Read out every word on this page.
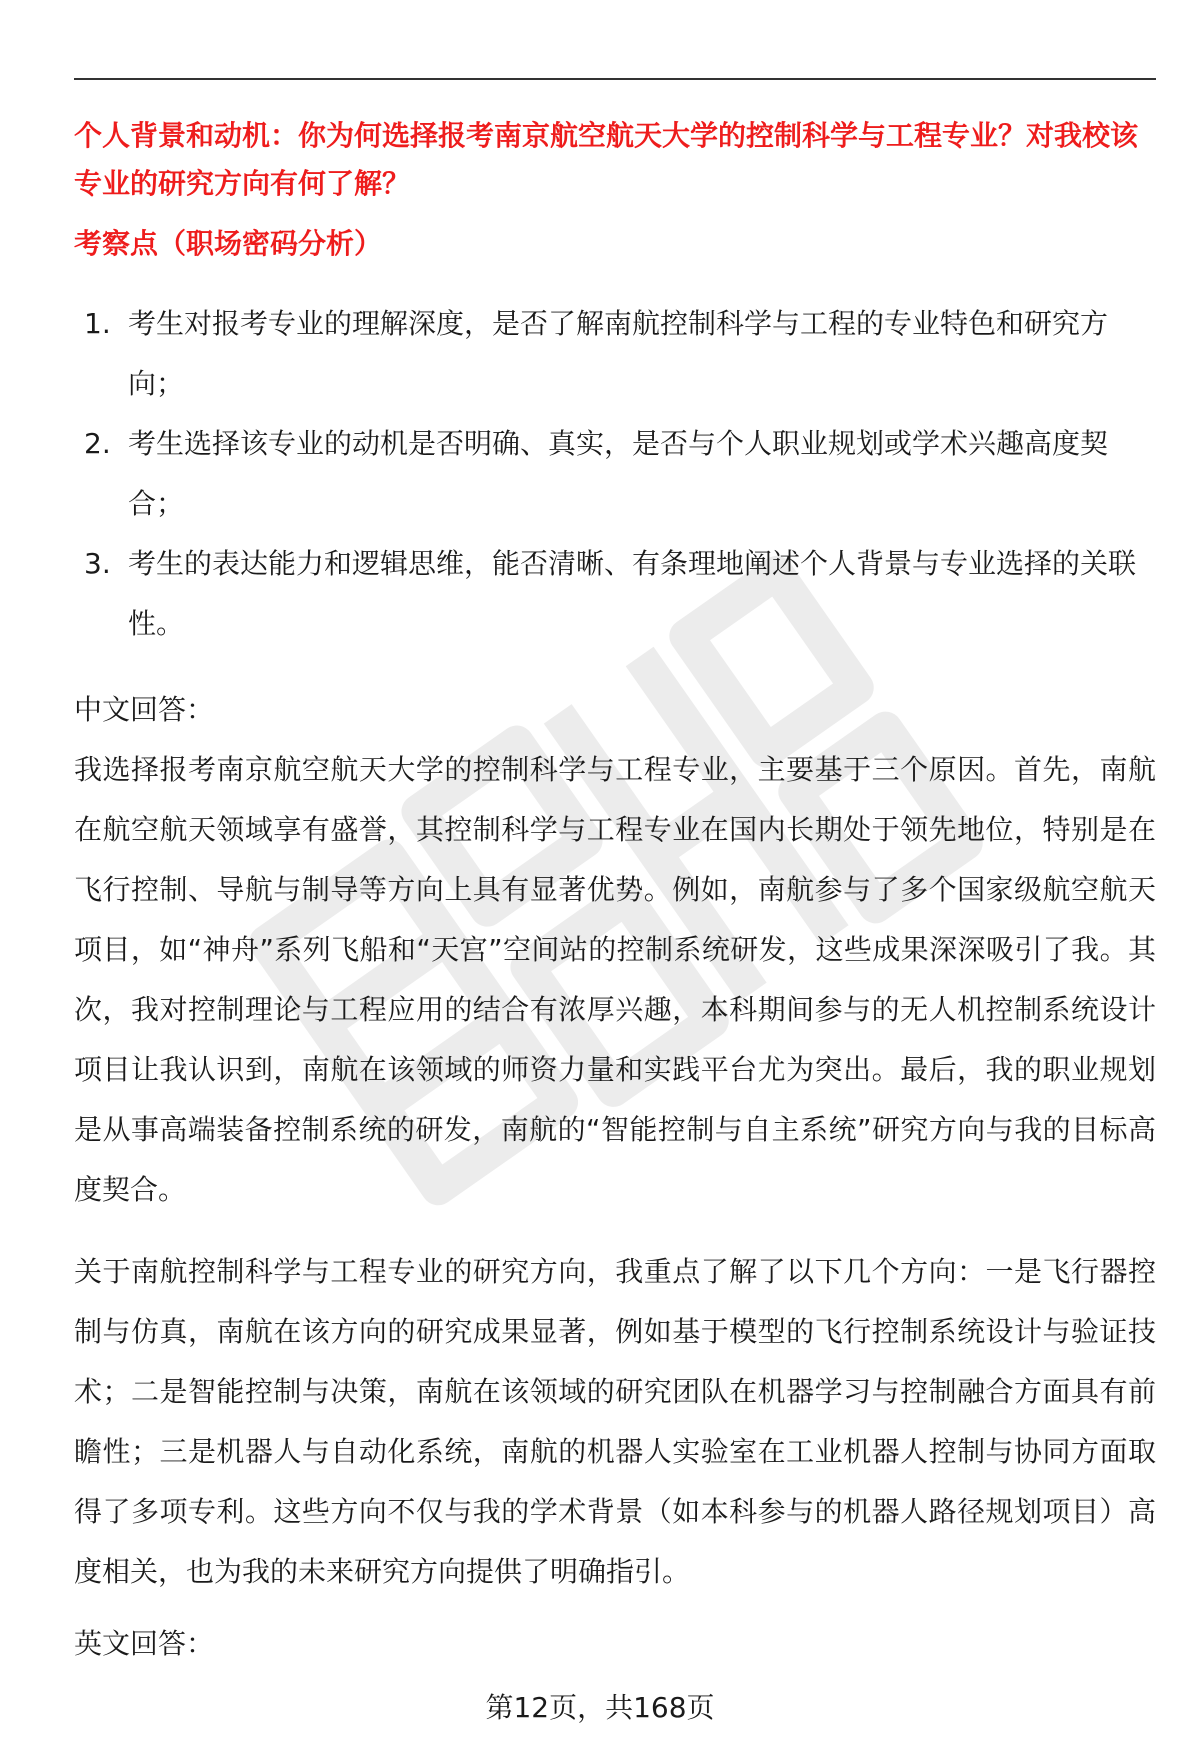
个人背景和动机：你为何选择报考南京航空航天大学的控制科学与工程专业？对我校该专业的研究方向有何了解？

考察点（职场密码分析）

1. 考生对报考专业的理解深度，是否了解南航控制科学与工程的专业特色和研究方向；
2. 考生选择该专业的动机是否明确、真实，是否与个人职业规划或学术兴趣高度契合；
3. 考生的表达能力和逻辑思维，能否清晰、有条理地阐述个人背景与专业选择的关联性。

中文回答：

我选择报考南京航空航天大学的控制科学与工程专业，主要基于三个原因。首先，南航在航空航天领域享有盛誉，其控制科学与工程专业在国内长期处于领先地位，特别是在飞行控制、导航与制导等方向上具有显著优势。例如，南航参与了多个国家级航空航天项目，如“神舟”系列飞船和“天宫”空间站的控制系统研发，这些成果深深吸引了我。其次，我对控制理论与工程应用的结合有浓厚兴趣，本科期间参与的无人机控制系统设计项目让我认识到，南航在该领域的师资力量和实践平台尤为突出。最后，我的职业规划是从事高端装备控制系统的研发，南航的“智能控制与自主系统”研究方向与我的目标高度契合。

关于南航控制科学与工程专业的研究方向，我重点了解了以下几个方向：一是飞行器控制与仿真，南航在该方向的研究成果显著，例如基于模型的飞行控制系统设计与验证技术；二是智能控制与决策，南航在该领域的研究团队在机器学习与控制融合方面具有前瞻性；三是机器人与自动化系统，南航的机器人实验室在工业机器人控制与协同方面取得了多项专利。这些方向不仅与我的学术背景（如本科参与的机器人路径规划项目）高度相关，也为我的未来研究方向提供了明确指引。

英文回答：

第12页，共168页
